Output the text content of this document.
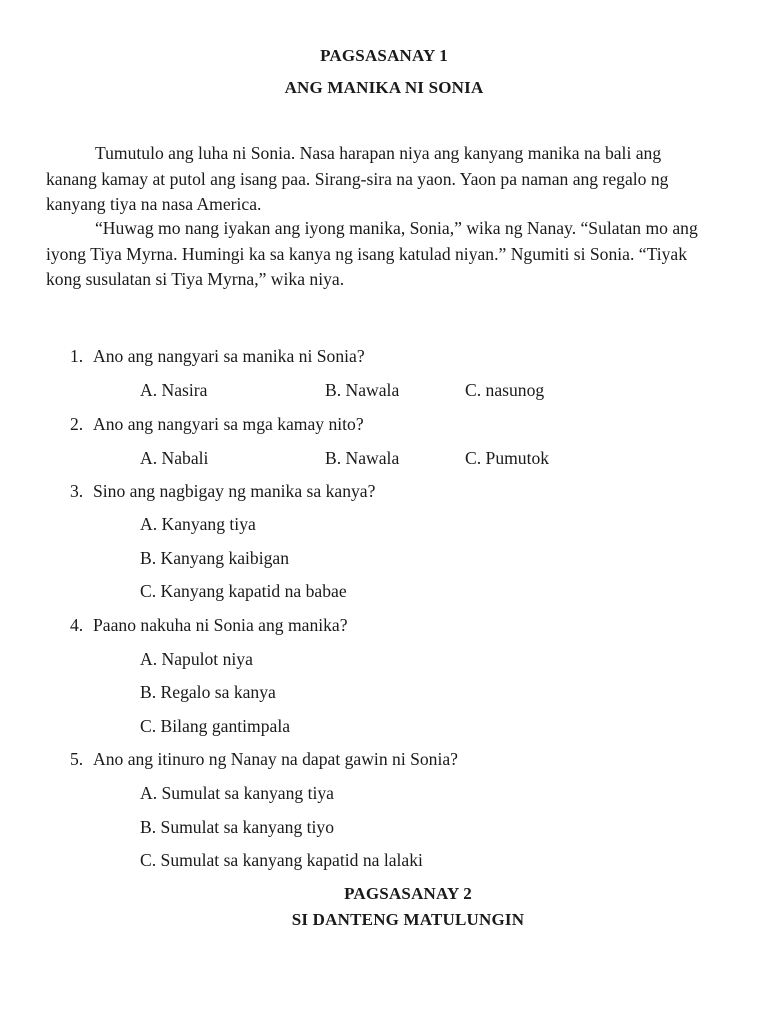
PAGSASANAY 1
ANG MANIKA NI SONIA

Tumutulo ang luha ni Sonia. Nasa harapan niya ang kanyang manika na bali ang kanang kamay at putol ang isang paa. Sirang-sira na yaon. Yaon pa naman ang regalo ng kanyang tiya na nasa America.

“Huwag mo nang iyakan ang iyong manika, Sonia,” wika ng Nanay. “Sulatan mo ang iyong Tiya Myrna. Humingi ka sa kanya ng isang katulad niyan.” Ngumiti si Sonia. “Tiyak kong susulatan si Tiya Myrna,” wika niya.

1. Ano ang nangyari sa manika ni Sonia?
A. Nasira	B. Nawala	C. nasunog
2. Ano ang nangyari sa mga kamay nito?
A. Nabali	B. Nawala	C. Pumutok
3. Sino ang nagbigay ng manika sa kanya?
A. Kanyang tiya
B. Kanyang kaibigan
C. Kanyang kapatid na babae
4. Paano nakuha ni Sonia ang manika?
A. Napulot niya
B. Regalo sa kanya
C. Bilang gantimpala
5. Ano ang itinuro ng Nanay na dapat gawin ni Sonia?
A. Sumulat sa kanyang tiya
B. Sumulat sa kanyang tiyo
C. Sumulat sa kanyang kapatid na lalaki
PAGSASANAY 2
SI DANTENG MATULUNGIN
